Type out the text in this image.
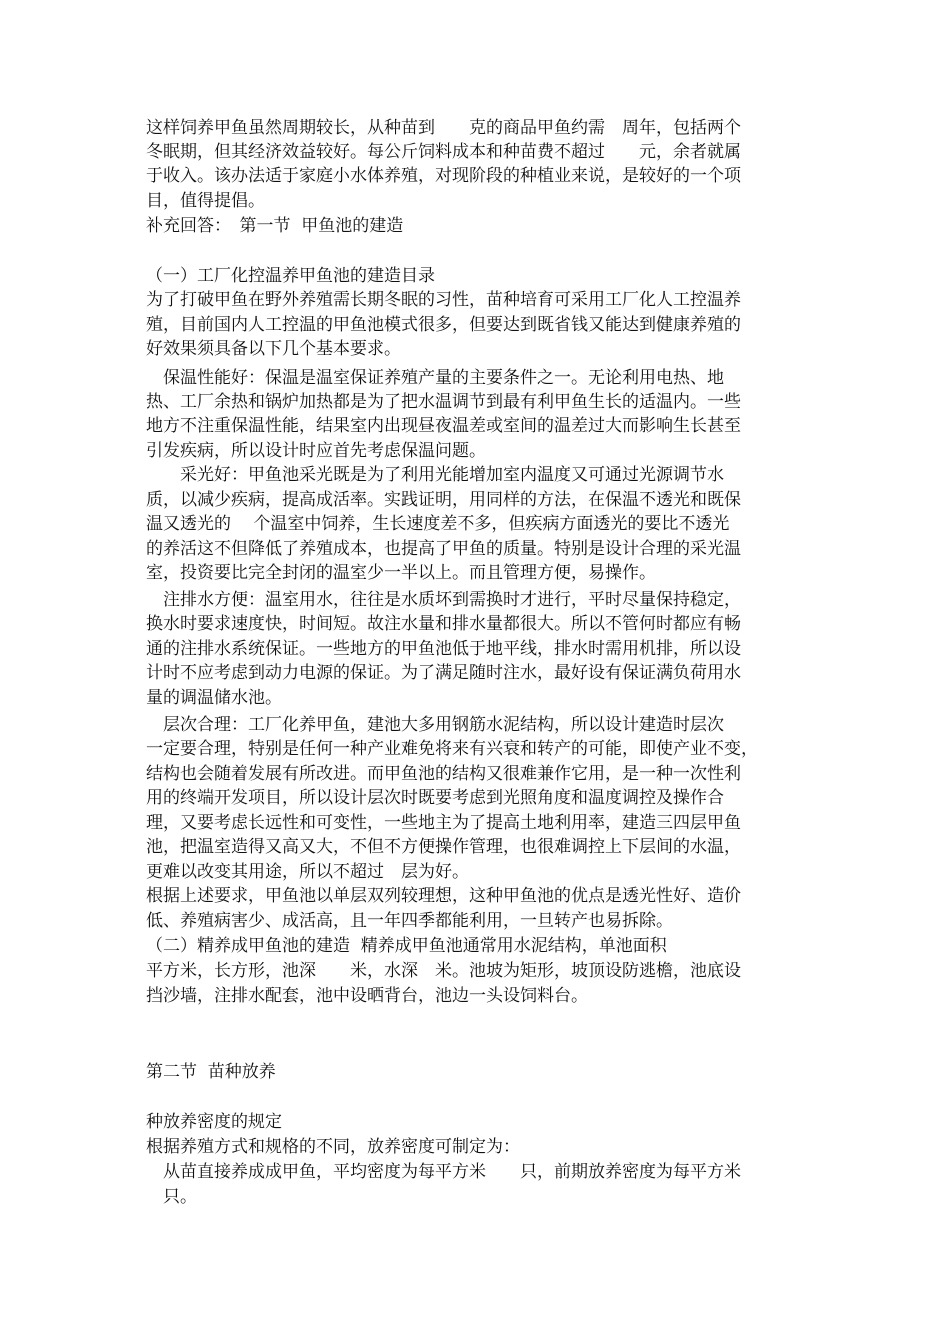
这样饲养甲鱼虽然周期较长，从种苗到　　克的商品甲鱼约需　周年，包括两个
冬眠期，但其经济效益较好。每公斤饲料成本和种苗费不超过　　元，余者就属
于收入。该办法适于家庭小水体养殖，对现阶段的种植业来说，是较好的一个项
目，值得提倡。
补充回答：　第一节  甲鱼池的建造
（一）工厂化控温养甲鱼池的建造目录
为了打破甲鱼在野外养殖需长期冬眠的习性，苗种培育可采用工厂化人工控温养
殖，目前国内人工控温的甲鱼池模式很多，但要达到既省钱又能达到健康养殖的
好效果须具备以下几个基本要求。
　保温性能好：保温是温室保证养殖产量的主要条件之一。无论利用电热、地
热、工厂余热和锅炉加热都是为了把水温调节到最有利甲鱼生长的适温内。一些
地方不注重保温性能，结果室内出现昼夜温差或室间的温差过大而影响生长甚至
引发疾病，所以设计时应首先考虑保温问题。
　　采光好：甲鱼池采光既是为了利用光能增加室内温度又可通过光源调节水
质，以减少疾病，提高成活率。实践证明，用同样的方法，在保温不透光和既保
温又透光的　 个温室中饲养，生长速度差不多，但疾病方面透光的要比不透光
的养活这不但降低了养殖成本，也提高了甲鱼的质量。特别是设计合理的采光温
室，投资要比完全封闭的温室少一半以上。而且管理方便，易操作。
　注排水方便：温室用水，往往是水质坏到需换时才进行，平时尽量保持稳定，
换水时要求速度快，时间短。故注水量和排水量都很大。所以不管何时都应有畅
通的注排水系统保证。一些地方的甲鱼池低于地平线，排水时需用机排，所以设
计时不应考虑到动力电源的保证。为了满足随时注水，最好设有保证满负荷用水
量的调温储水池。
　层次合理：工厂化养甲鱼，建池大多用钢筋水泥结构，所以设计建造时层次
一定要合理，特别是任何一种产业难免将来有兴衰和转产的可能，即使产业不变，
结构也会随着发展有所改进。而甲鱼池的结构又很难兼作它用，是一种一次性利
用的终端开发项目，所以设计层次时既要考虑到光照角度和温度调控及操作合
理，又要考虑长远性和可变性，一些地主为了提高土地利用率，建造三四层甲鱼
池，把温室造得又高又大，不但不方便操作管理，也很难调控上下层间的水温，
更难以改变其用途，所以不超过　层为好。
根据上述要求，甲鱼池以单层双列较理想，这种甲鱼池的优点是透光性好、造价
低、养殖病害少、成活高，且一年四季都能利用，一旦转产也易拆除。
（二）精养成甲鱼池的建造  精养成甲鱼池通常用水泥结构，单池面积
平方米，长方形，池深　　米，水深　米。池坡为矩形，坡顶设防逃檐，池底设
挡沙墙，注排水配套，池中设晒背台，池边一头设饲料台。
第二节  苗种放养
种放养密度的规定
根据养殖方式和规格的不同，放养密度可制定为：
　从苗直接养成成甲鱼，平均密度为每平方米　　只，前期放养密度为每平方米
　只。
